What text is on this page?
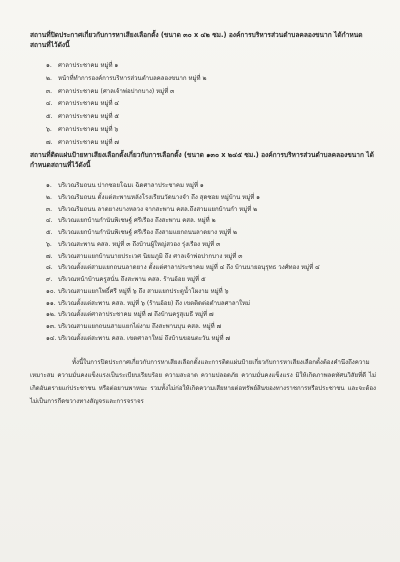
สถานที่ปิดประกาศเกี่ยวกับการหาเสียงเลือกตั้ง (ขนาด ๓๐ x ๔๒ ซม.) องค์การบริหารส่วนตำบลคลองขนาก ได้กำหนดสถานที่ไว้ดังนี้

๑. ศาลาประชาคม หมู่ที่ ๑
๒. หน้าที่ทำการองค์การบริหารส่วนตำบลคลองขนาก หมู่ที่ ๒
๓. ศาลาประชาคม (ศาลเจ้าพ่อปากบาง) หมู่ที่ ๓
๔. ศาลาประชาคม หมู่ที่ ๔
๕. ศาลาประชาคม หมู่ที่ ๕
๖. ศาลาประชาคม หมู่ที่ ๖
๗. ศาลาประชาคม หมู่ที่ ๗

สถานที่ติดแผ่นป้ายหาเสียงเลือกตั้งเกี่ยวกับการเลือกตั้ง (ขนาด ๑๓๐ x ๒๔๕ ซม.) องค์การบริหารส่วนตำบลคลองขนาก ได้กำหนดสถานที่ไว้ดังนี้

๑. บริเวณริมถนน ปากซอยโฉมเ ฉิดศาลาประชาคม หมู่ที่ ๑
๒. บริเวณริมถนน ตั้งแต่สะพานหลังโรงเรียนวัดนางจำ ถึง สุดซอย หมู่บ้าน หมู่ที่ ๑
๓. บริเวณริมถนน ลาดยางบางหลวง จากสะพาน คสล.ถึงสามแยกบ้านกำ หมู่ที่ ๒
๔. บริเวณแยกบ้านกำนันพิเชษฐ์ ศรีเรือง ถึงสะพาน คสล. หมู่ที่ ๒
๕. บริเวณแยกบ้านกำนันพิเชษฐ์ ศรีเรือง ถึงสามแยกถนนลาดยาง หมู่ที่ ๒
๖. บริเวณสะพาน คสล. หมู่ที่ ๓ ถึงบ้านผู้ใหญ่สวอง รุ่งเรือง หมู่ที่ ๓
๗. บริเวณสามแยกบ้านนายประเวศ นิยมภูมิ ถึง ศาลเจ้าพ่อปากบาง หมู่ที่ ๓
๘. บริเวณตั้งแต่สามแยกถนนลาดยาง ตั้งแต่ศาลาประชาคม หมู่ที่ ๔ ถึง บ้านนายอนุรุทธ วงศ์ทอง หมู่ที่ ๔
๙. บริเวณหน้าบ้านครูสนั่น ถึงสะพาน คสล. ร้านอ้อย หมู่ที่ ๕
๑๐. บริเวณสามแยกโพธิ์ศรี หมู่ที่ ๖ ถึง สามแยกประตูน้ำโผงาม หมู่ที่ ๖
๑๑. บริเวณตั้งแต่สะพาน คสล. หมู่ที่ ๖ (ร้านอ้อย) ถึง เขตติดต่อตำบลศาลาใหม่
๑๒. บริเวณตั้งแต่ศาลาประชาคม หมู่ที่ ๗ ถึงบ้านครูสุเมธี หมู่ที่ ๗
๑๓. บริเวณสามแยกถนนสามแยกไผ่งาม ถึงสะพานบุน คสล. หมู่ที่ ๗
๑๔. บริเวณตั้งแต่สะพาน คสล. เขตศาลาใหม่ ถึงบ้านขอนตะวัน หมู่ที่ ๗

ทั้งนี้ในการปิดประกาศเกี่ยวกับการหาเสียงเลือกตั้งและการติดแผ่นป้ายเกี่ยวกับการหาเสียงเลือกตั้งต้องคำนึงถึงความเหมาะสม ความมั่นคงแข็งแรงเป็นระเบียบเรียบร้อย ความสะอาด ความปลอดภัย ความมั่นคงแข็งแรง มิให้เกิดภาพลดทัศนวิสัยที่ดี ไม่เกิดอันตรายแก่ประชาชน หรือต่อยานพาหนะ รวมทั้งไม่ก่อให้เกิดความเสียหายต่อทรัพย์สินของทางราชการหรือประชาชน และจะต้องไม่เป็นการกีดขวางทางสัญจรและการจราจร
